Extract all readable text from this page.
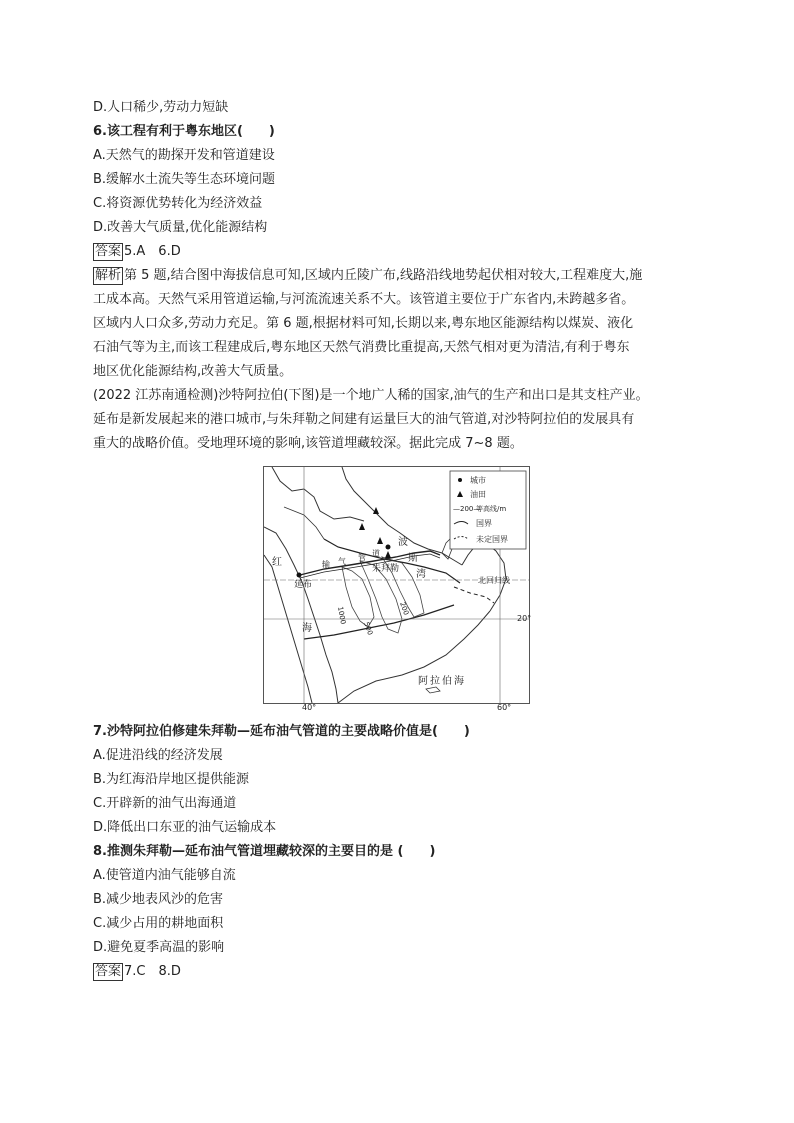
D.人口稀少,劳动力短缺
6.该工程有利于粤东地区(　　)
A.天然气的勘探开发和管道建设
B.缓解水土流失等生态环境问题
C.将资源优势转化为经济效益
D.改善大气质量,优化能源结构
答案 5.A　6.D
解析 第 5 题,结合图中海拔信息可知,区域内丘陵广布,线路沿线地势起伏相对较大,工程难度大,施
工成本高。天然气采用管道运输,与河流流速关系不大。该管道主要位于广东省内,未跨越多省。
区域内人口众多,劳动力充足。第 6 题,根据材料可知,长期以来,粤东地区能源结构以煤炭、液化
石油气等为主,而该工程建成后,粤东地区天然气消费比重提高,天然气相对更为清洁,有利于粤东
地区优化能源结构,改善大气质量。
(2022 江苏南通检测)沙特阿拉伯(下图)是一个地广人稀的国家,油气的生产和出口是其支柱产业。
延布是新发展起来的港口城市,与朱拜勒之间建有运量巨大的油气管道,对沙特阿拉伯的发展具有
重大的战略价值。受地理环境的影响,该管道埋藏较深。据此完成 7~8 题。
城市
油田
—200—
等高线/m
国界
未定国界
红
海
波
斯
湾
阿拉伯海
延布
朱拜勒
输 气 管 道
北回归线
1000
500
200
40°	60°
20°
7.沙特阿拉伯修建朱拜勒—延布油气管道的主要战略价值是(　　)
A.促进沿线的经济发展
B.为红海沿岸地区提供能源
C.开辟新的油气出海通道
D.降低出口东亚的油气运输成本
8.推测朱拜勒—延布油气管道埋藏较深的主要目的是 (　　)
A.使管道内油气能够自流
B.减少地表风沙的危害
C.减少占用的耕地面积
D.避免夏季高温的影响
答案 7.C　8.D
